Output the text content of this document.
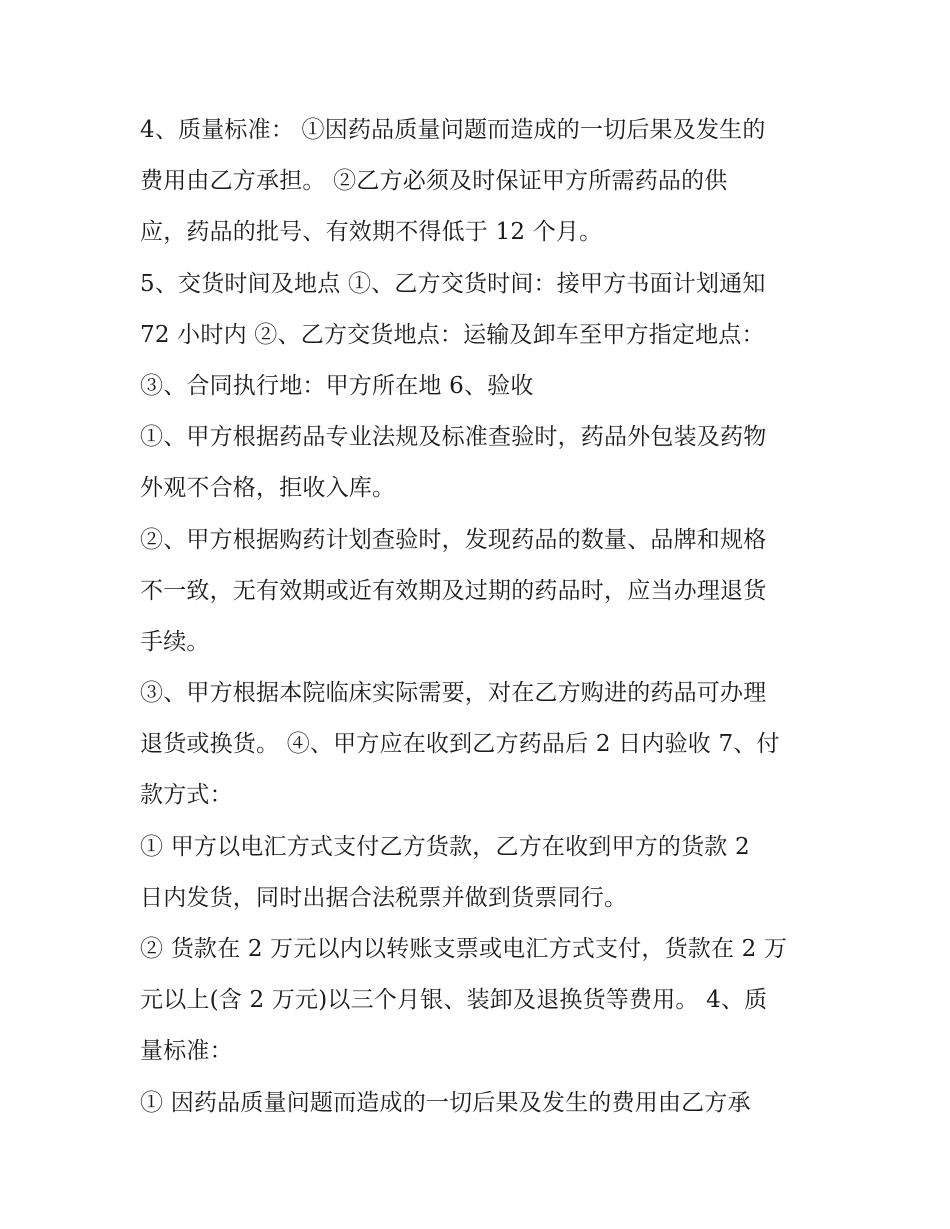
4、质量标准： ①因药品质量问题而造成的一切后果及发生的
费用由乙方承担。 ②乙方必须及时保证甲方所需药品的供
应，药品的批号、有效期不得低于 12 个月。
5、交货时间及地点 ①、乙方交货时间：接甲方书面计划通知
72 小时内 ②、乙方交货地点：运输及卸车至甲方指定地点：
③、合同执行地：甲方所在地 6、验收
①、甲方根据药品专业法规及标准查验时，药品外包装及药物
外观不合格，拒收入库。
②、甲方根据购药计划查验时，发现药品的数量、品牌和规格
不一致，无有效期或近有效期及过期的药品时，应当办理退货
手续。
③、甲方根据本院临床实际需要，对在乙方购进的药品可办理
退货或换货。 ④、甲方应在收到乙方药品后 2 日内验收 7、付
款方式：
① 甲方以电汇方式支付乙方货款，乙方在收到甲方的货款 2
日内发货，同时出据合法税票并做到货票同行。
② 货款在 2 万元以内以转账支票或电汇方式支付，货款在 2 万
元以上(含 2 万元)以三个月银、装卸及退换货等费用。 4、质
量标准：
① 因药品质量问题而造成的一切后果及发生的费用由乙方承
